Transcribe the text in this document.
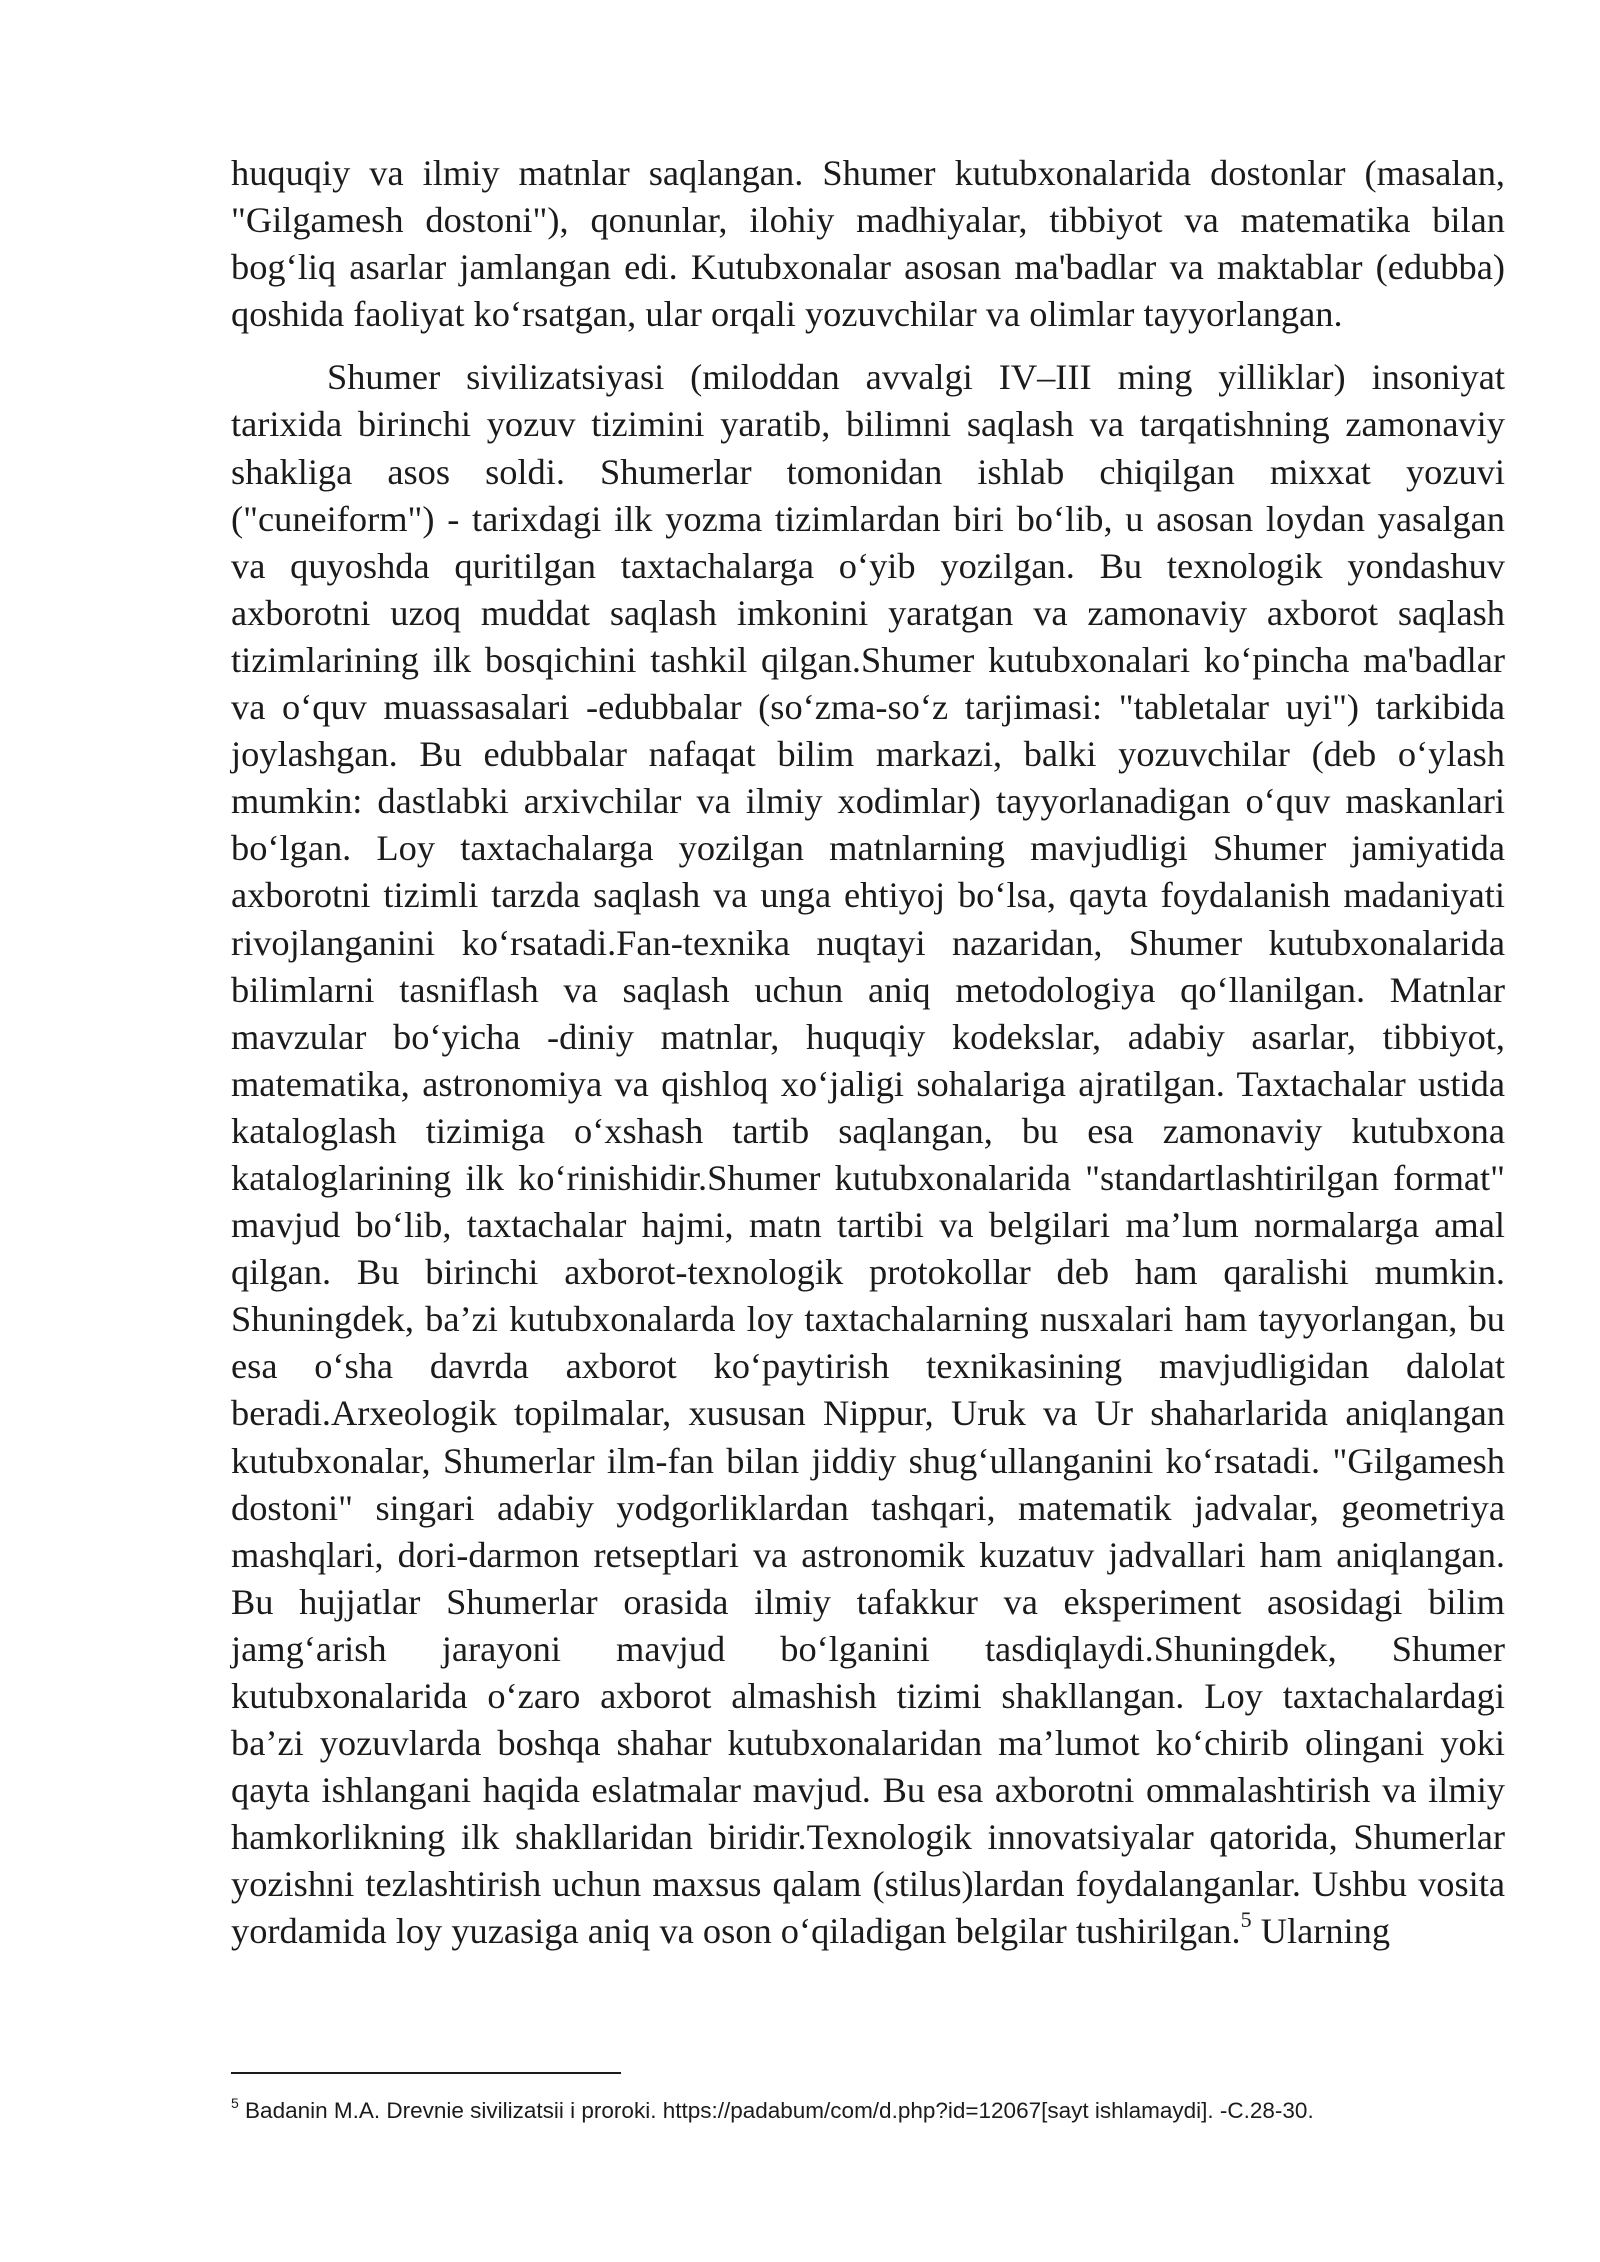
huquqiy va ilmiy matnlar saqlangan. Shumer kutubxonalarida dostonlar (masalan, "Gilgamesh dostoni"), qonunlar, ilohiy madhiyalar, tibbiyot va matematika bilan bog‘liq asarlar jamlangan edi. Kutubxonalar asosan ma'badlar va maktablar (edubba) qoshida faoliyat ko‘rsatgan, ular orqali yozuvchilar va olimlar tayyorlangan.

Shumer sivilizatsiyasi (miloddan avvalgi IV–III ming yilliklar) insoniyat tarixida birinchi yozuv tizimini yaratib, bilimni saqlash va tarqatishning zamonaviy shakliga asos soldi. Shumerlar tomonidan ishlab chiqilgan mixxat yozuvi ("cuneiform") - tarixdagi ilk yozma tizimlardan biri bo‘lib, u asosan loydan yasalgan va quyoshda quritilgan taxtachalarga o‘yib yozilgan. Bu texnologik yondashuv axborotni uzoq muddat saqlash imkonini yaratgan va zamonaviy axborot saqlash tizimlarining ilk bosqichini tashkil qilgan.Shumer kutubxonalari ko‘pincha ma'badlar va o‘quv muassasalari -edubbalar (so‘zma-so‘z tarjimasi: "tabletalar uyi") tarkibida joylashgan. Bu edubbalar nafaqat bilim markazi, balki yozuvchilar (deb o‘ylash mumkin: dastlabki arxivchilar va ilmiy xodimlar) tayyorlanadigan o‘quv maskanlari bo‘lgan. Loy taxtachalarga yozilgan matnlarning mavjudligi Shumer jamiyatida axborotni tizimli tarzda saqlash va unga ehtiyoj bo‘lsa, qayta foydalanish madaniyati rivojlanganini ko‘rsatadi.Fan-texnika nuqtayi nazaridan, Shumer kutubxonalarida bilimlarni tasniflash va saqlash uchun aniq metodologiya qo‘llanilgan. Matnlar mavzular bo‘yicha -diniy matnlar, huquqiy kodekslar, adabiy asarlar, tibbiyot, matematika, astronomiya va qishloq xo‘jaligi sohalariga ajratilgan. Taxtachalar ustida kataloglash tizimiga o‘xshash tartib saqlangan, bu esa zamonaviy kutubxona kataloglarining ilk ko‘rinishidir.Shumer kutubxonalarida "standartlashtirilgan format" mavjud bo‘lib, taxtachalar hajmi, matn tartibi va belgilari ma’lum normalarga amal qilgan. Bu birinchi axborot-texnologik protokollar deb ham qaralishi mumkin. Shuningdek, ba’zi kutubxonalarda loy taxtachalarning nusxalari ham tayyorlangan, bu esa o‘sha davrda axborot ko‘paytirish texnikasining mavjudligidan dalolat beradi.Arxeologik topilmalar, xususan Nippur, Uruk va Ur shaharlarida aniqlangan kutubxonalar, Shumerlar ilm-fan bilan jiddiy shug‘ullanganini ko‘rsatadi. "Gilgamesh dostoni" singari adabiy yodgorliklardan tashqari, matematik jadvalar, geometriya mashqlari, dori-darmon retseptlari va astronomik kuzatuv jadvallari ham aniqlangan. Bu hujjatlar Shumerlar orasida ilmiy tafakkur va eksperiment asosidagi bilim jamg‘arish jarayoni mavjud bo‘lganini tasdiqlaydi.Shuningdek, Shumer kutubxonalarida o‘zaro axborot almashish tizimi shakllangan. Loy taxtachalardagi ba’zi yozuvlarda boshqa shahar kutubxonalaridan ma’lumot ko‘chirib olingani yoki qayta ishlangani haqida eslatmalar mavjud. Bu esa axborotni ommalashtirish va ilmiy hamkorlikning ilk shakllaridan biridir.Texnologik innovatsiyalar qatorida, Shumerlar yozishni tezlashtirish uchun maxsus qalam (stilus)lardan foydalanganlar. Ushbu vosita yordamida loy yuzasiga aniq va oson o‘qiladigan belgilar tushirilgan.$^5$ Ularning

$^5$ Badanin M.A. Drevnie sivilizatsii i proroki. https://padabum/com/d.php?id=12067[sayt ishlamaydi]. -C.28-30.
